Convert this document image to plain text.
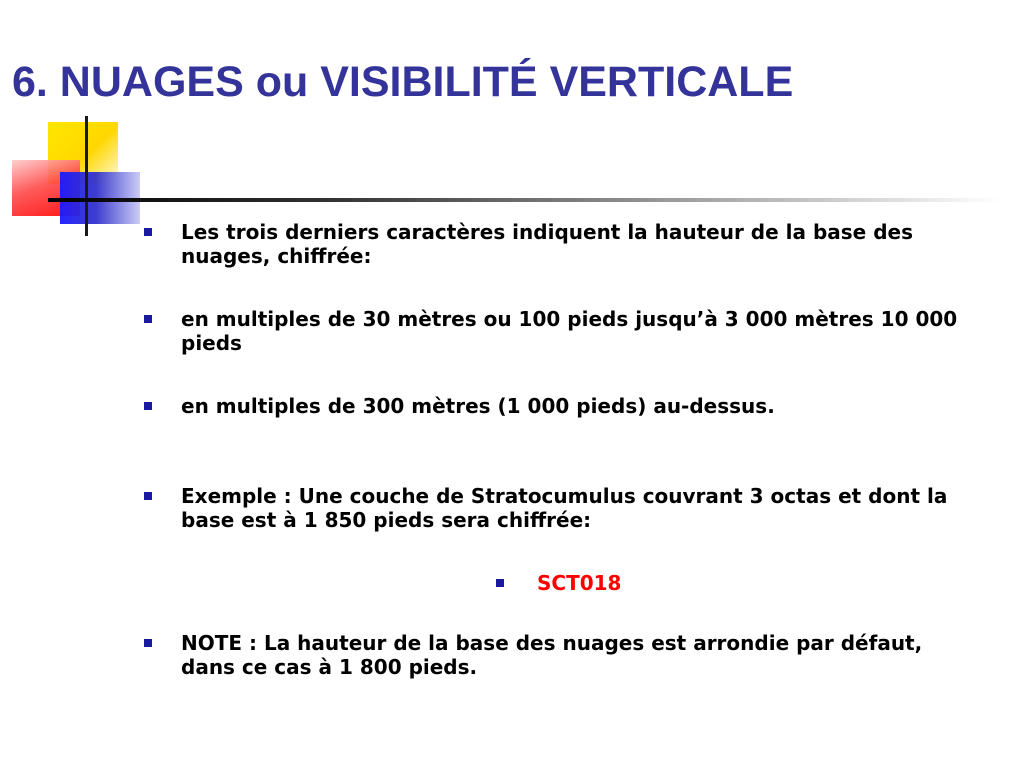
6. NUAGES ou VISIBILITÉ VERTICALE
Les trois derniers caractères indiquent la hauteur de la base des nuages, chiffrée:
en multiples de 30 mètres ou 100 pieds jusqu’à 3 000 mètres 10 000 pieds
en multiples de 300 mètres (1 000 pieds) au-dessus.
Exemple : Une couche de Stratocumulus couvrant 3 octas et dont la base est à 1 850 pieds sera chiffrée:
SCT018
NOTE : La hauteur de la base des nuages est arrondie par défaut, dans ce cas à 1 800 pieds.
